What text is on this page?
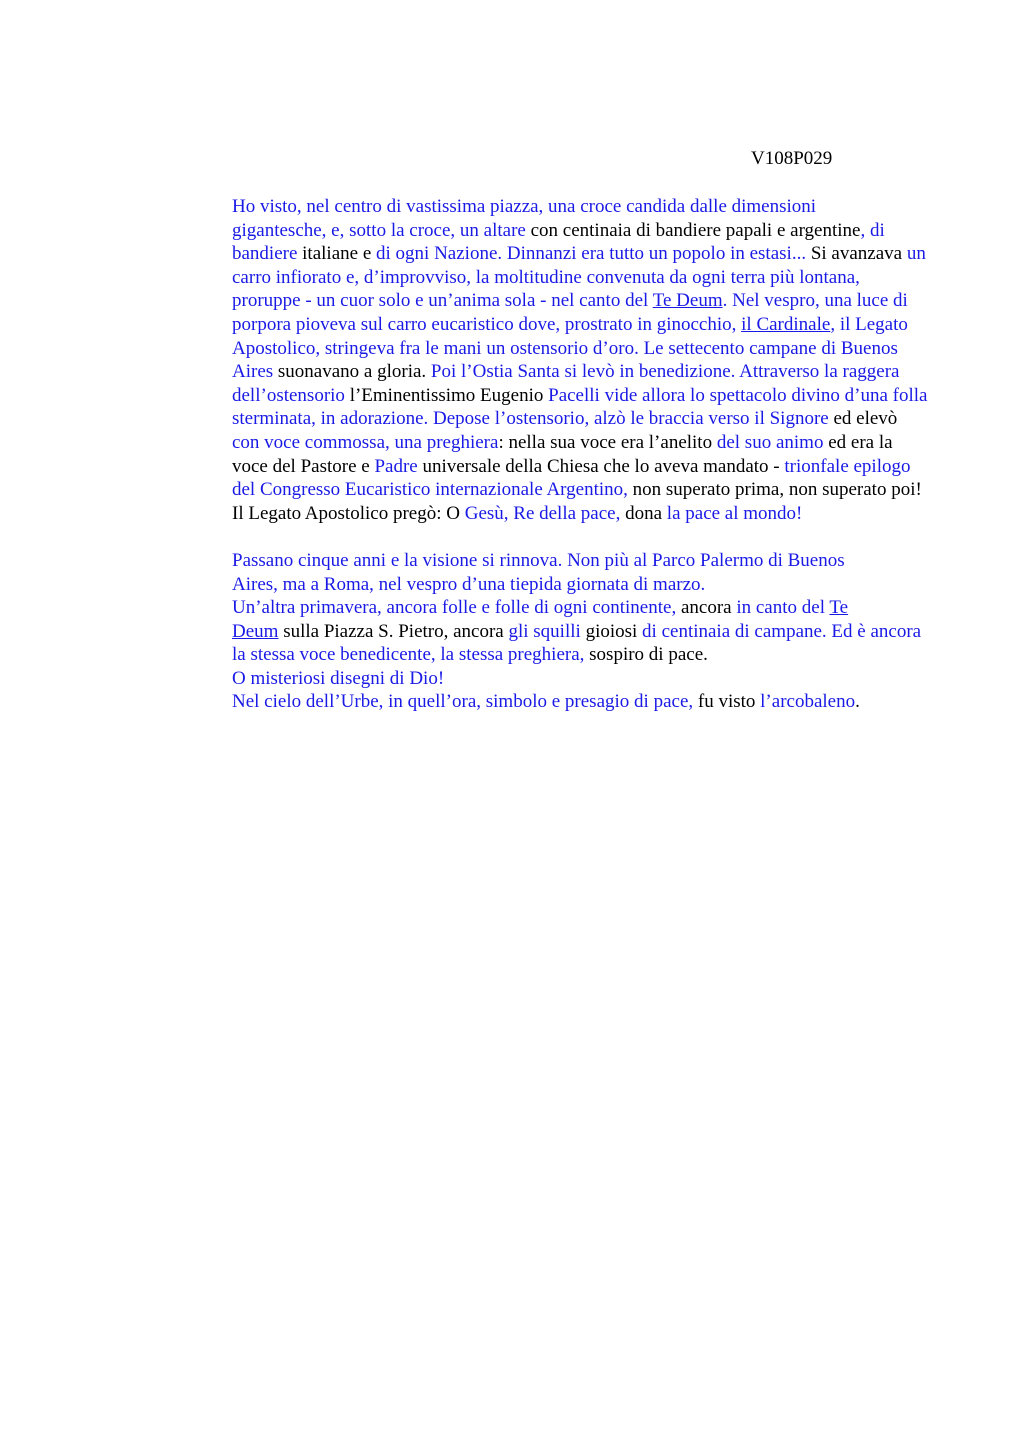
V108P029

Ho visto, nel centro di vastissima piazza, una croce candida dalle dimensioni
gigantesche, e, sotto la croce, un altare con centinaia di bandiere papali e argentine, di
bandiere italiane e di ogni Nazione. Dinnanzi era tutto un popolo in estasi... Si avanzava un
carro infiorato e, d’improvviso, la moltitudine convenuta da ogni terra più lontana,
proruppe - un cuor solo e un’anima sola - nel canto del Te Deum. Nel vespro, una luce di
porpora pioveva sul carro eucaristico dove, prostrato in ginocchio, il Cardinale, il Legato
Apostolico, stringeva fra le mani un ostensorio d’oro. Le settecento campane di Buenos
Aires suonavano a gloria. Poi l’Ostia Santa si levò in benedizione. Attraverso la raggera
dell’ostensorio l’Eminentissimo Eugenio Pacelli vide allora lo spettacolo divino d’una folla
sterminata, in adorazione. Depose l’ostensorio, alzò le braccia verso il Signore ed elevò
con voce commossa, una preghiera: nella sua voce era l’anelito del suo animo ed era la
voce del Pastore e Padre universale della Chiesa che lo aveva mandato - trionfale epilogo
del Congresso Eucaristico internazionale Argentino, non superato prima, non superato poi!

Il Legato Apostolico pregò: O Gesù, Re della pace, dona la pace al mondo!

Passano cinque anni e la visione si rinnova. Non più al Parco Palermo di Buenos
Aires, ma a Roma, nel vespro d’una tiepida giornata di marzo.

Un’altra primavera, ancora folle e folle di ogni continente, ancora in canto del Te
Deum sulla Piazza S. Pietro, ancora gli squilli gioiosi di centinaia di campane. Ed è ancora
la stessa voce benedicente, la stessa preghiera, sospiro di pace.

O misteriosi disegni di Dio!

Nel cielo dell’Urbe, in quell’ora, simbolo e presagio di pace, fu visto l’arcobaleno.
